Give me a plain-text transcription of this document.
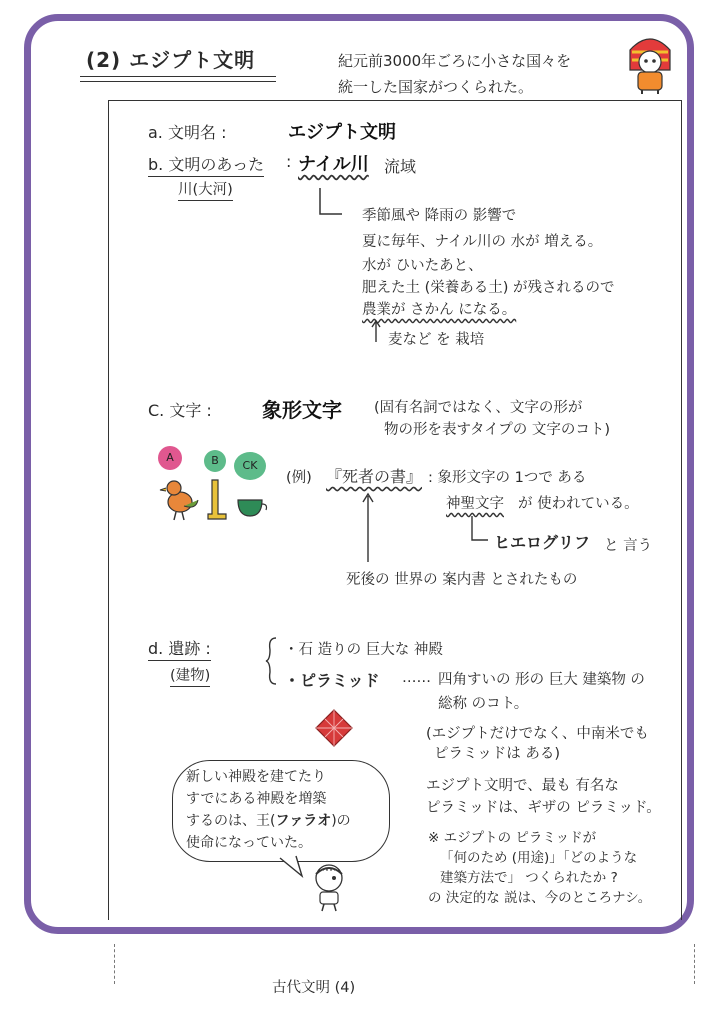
(2) エジプト文明	紀元前3000年ごろに小さな国々を
統一した国家がつくられた。
a. 文明名 :	エジプト文明
b. 文明のあった
川(大河)
: ナイル川 流域
季節風や 降雨の 影響で
夏に毎年、ナイル川の 水が 増える。
水が ひいたあと、
肥えた土 (栄養ある土) が残されるので
農業が さかん になる。
麦など を 栽培
C. 文字 :	象形文字 (固有名詞ではなく、文字の形が
物の形を表すタイプの 文字のコト)
A	B	CK
(例) 『死者の書』 : 象形文字の 1つで ある
神聖文字 が 使われている。
ヒエログリフ と 言う
死後の 世界の 案内書 とされたもの
d. 遺跡 :
(建物)
・石 造りの 巨大な 神殿
・ピラミッド …… 四角すいの 形の 巨大 建築物 の
総称 のコト。
(エジプトだけでなく、中南米でも
ピラミッドは ある)
エジプト文明で、最も 有名な
ピラミッドは、ギザの ピラミッド。
※ エジプトの ピラミッドが
「何のため (用途)」「どのような
建築方法で」 つくられたか ?
の 決定的な 説は、今のところナシ。
新しい神殿を建てたり
すでにある神殿を増築
するのは、王(ファラオ)の
使命になっていた。
古代文明 (4)
